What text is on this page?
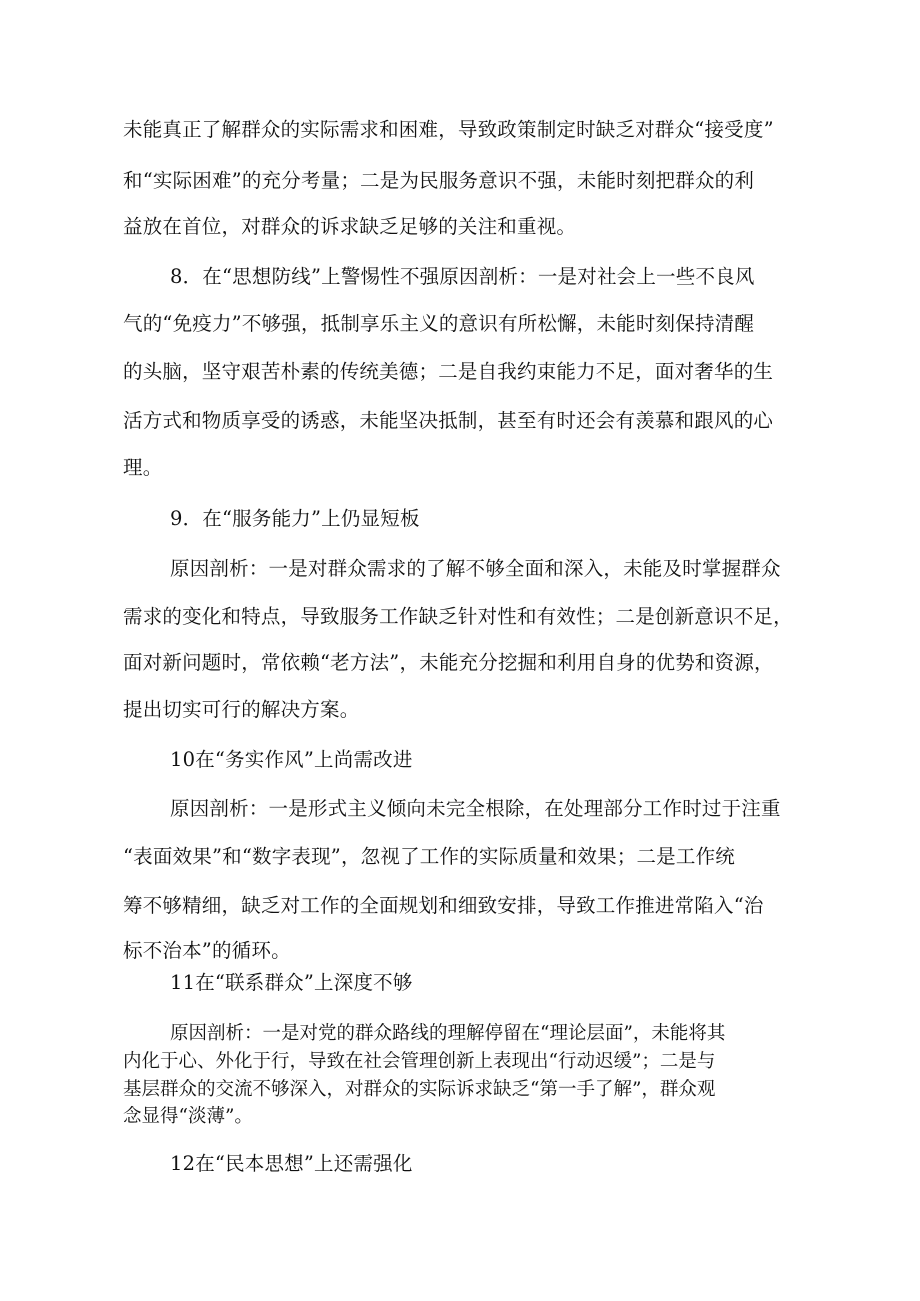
未能真正了解群众的实际需求和困难，导致政策制定时缺乏对群众“接受度”
和“实际困难”的充分考量；二是为民服务意识不强，未能时刻把群众的利
益放在首位，对群众的诉求缺乏足够的关注和重视。
8．在“思想防线”上警惕性不强原因剖析：一是对社会上一些不良风
气的“免疫力”不够强，抵制享乐主义的意识有所松懈，未能时刻保持清醒
的头脑，坚守艰苦朴素的传统美德；二是自我约束能力不足，面对奢华的生
活方式和物质享受的诱惑，未能坚决抵制，甚至有时还会有羡慕和跟风的心
理。
9．在“服务能力”上仍显短板
原因剖析：一是对群众需求的了解不够全面和深入，未能及时掌握群众
需求的变化和特点，导致服务工作缺乏针对性和有效性；二是创新意识不足，
面对新问题时，常依赖“老方法”，未能充分挖掘和利用自身的优势和资源，
提出切实可行的解决方案。
10在“务实作风”上尚需改进
原因剖析：一是形式主义倾向未完全根除，在处理部分工作时过于注重
“表面效果”和“数字表现”，忽视了工作的实际质量和效果；二是工作统
筹不够精细，缺乏对工作的全面规划和细致安排，导致工作推进常陷入“治
标不治本”的循环。
11在“联系群众”上深度不够
原因剖析：一是对党的群众路线的理解停留在“理论层面”，未能将其
内化于心、外化于行，导致在社会管理创新上表现出“行动迟缓”；二是与
基层群众的交流不够深入，对群众的实际诉求缺乏“第一手了解”，群众观
念显得“淡薄”。
12在“民本思想”上还需强化
